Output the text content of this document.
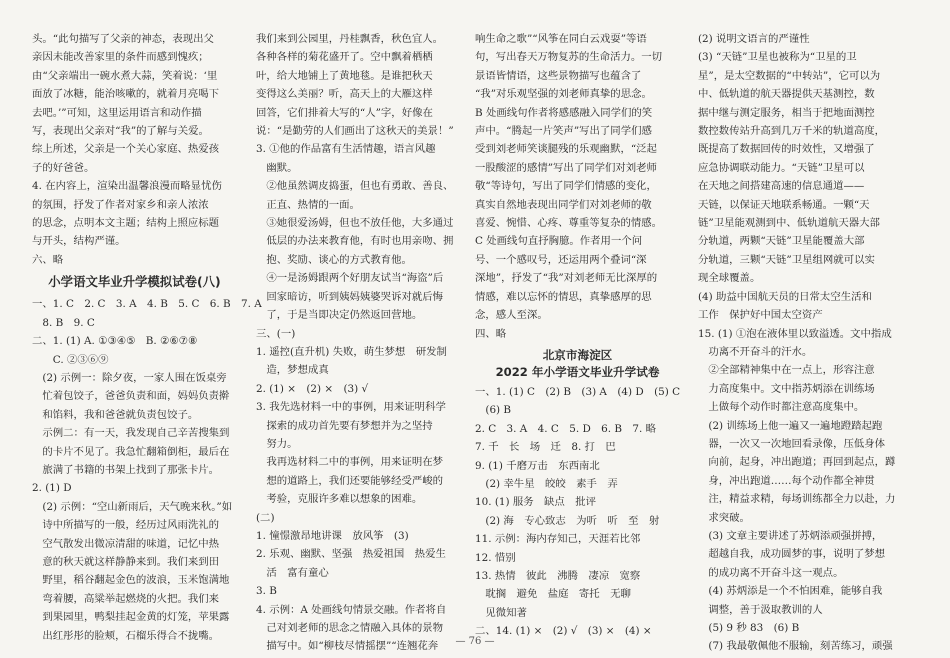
头。“此句描写了父亲的神态，表现出父
亲因未能改善家里的条件而感到愧疚；
由“父亲端出一碗水煮大蒜，笑着说：‘里
面放了冰糖，能治咳嗽的，就着月亮喝下
去吧。’”可知，这里运用语言和动作描
写，表现出父亲对“我”的了解与关爱。
综上所述，父亲是一个关心家庭、热爱孩
子的好爸爸。
4. 在内容上，渲染出温馨浪漫而略显忧伤
的氛围，抒发了作者对家乡和亲人浓浓
的思念，点明本文主题；结构上照应标题
与开头，结构严谨。
六、略
小学语文毕业升学模拟试卷(八)
一、1. C　2. C　3. A　4. B　5. C　6. B　7. A
　8. B　9. C
二、1. (1) A. ①③④⑤　B. ②⑥⑦⑧
　　C. ②③⑥⑨
　(2) 示例一：除夕夜，一家人围在饭桌旁
　忙着包饺子，爸爸负责和面，妈妈负责擀
　和馅料，我和爸爸就负责包饺子。
　示例二：有一天，我发现自己辛苦搜集到
　的卡片不见了。我急忙翻箱倒柜，最后在
　旅满了书籍的书架上找到了那张卡片。
2. (1) D
　(2) 示例：“空山新雨后，天气晚来秋。”如
　诗中所描写的一般，经历过风雨洗礼的
　空气散发出微凉清甜的味道，记忆中热
　意的秋天就这样静静来到。我们来到田
　野里，稻谷翻起金色的波浪，玉米饱满地
　弯着腰，高粱举起燃烧的火把。我们来
　到果园里，鸭梨挂起金黄的灯笼，苹果露
　出红彤彤的脸颊，石榴乐得合不拢嘴。
我们来到公园里，丹桂飘香，秋色宜人。
各种各样的菊花盛开了。空中飘着栖栖
叶，给大地铺上了黄地毯。是谁把秋天
变得这么美丽？听，高天上的大雁这样
回答，它们排着大写的“人”字，好像在
说：“是勤劳的人们画出了这秋天的美景！”
3. ①他的作品富有生活情趣，语言风趣
　幽默。
　②他虽然调皮捣蛋，但也有勇敢、善良、
　正直、热情的一面。
　③她很爱汤姆，但也不放任他，大多通过
　低层的办法来教育他，有时也用亲吻、拥
　抱、奖励、谈心的方式教育他。
　④一是汤姆跟两个好朋友试当“海盗”后
　回家暗访，听到姨妈姨婆哭诉对就后悔
　了，于是当即决定仍然返回营地。
三、(一)
1. 遥控(直升机) 失败，萌生梦想　研发制
　造，梦想成真
2. (1) ×　(2) ×　(3) √
3. 我先选材料一中的事例，用来证明科学
　探索的成功首先要有梦想并为之坚持
　努力。
　我再选材料二中的事例，用来证明在梦
　想的道路上，我们还要能够经受严峻的
　考验，克服许多难以想象的困难。
(二)
1. 憧憬激昂地讲课　放风筝　(3)
2. 乐观、幽默、坚强　热爱祖国　热爱生
　活　富有童心
3. B
4. 示例：A 处画线句情景交融。作者将自
　己对刘老师的思念之情融入具体的景物
　描写中。如“柳枝尽情摇摆”“连翘花奔
响生命之歌”“风筝在同白云戏耍”等语
句，写出春天万物复苏的生命活力。一切
景语皆情语，这些景物描写也蕴含了
“我”对乐观坚强的刘老师真挚的思念。
B 处画线句作者将感感融入同学们的笑
声中。“腾起一片笑声”写出了同学们感
受到刘老师笑谈腿残的乐观幽默，“泛起
一股酸涩的感情”写出了同学们对刘老师
敬“等诗句，写出了同学们情感的变化，
真实自然地表现出同学们对刘老师的敬
喜爱、惋惜、心疼、尊重等复杂的情感。
C 处画线句直抒胸臆。作者用一个问
号、一个感叹号，还运用两个叠词“深
深地”，抒发了“我”对刘老师无比深厚的
情感，难以忘怀的情思，真挚感厚的思
念，感人至深。
四、略
北京市海淀区
2022 年小学语文毕业升学试卷
一、1. (1) C　(2) B　(3) A　(4) D　(5) C
　(6) B
2. C　3. A　4. C　5. D　6. B　7. 略
7. 千　长　场　迁　8. 打　巴
9. (1) 千磨万击　东西南北
　(2) 幸牛星　皎皎　素手　弄
10. (1) 服务　缺点　批评
　(2) 海　专心致志　为听　听　至　射
11. 示例：海内存知己，天涯若比邻
12. 惜别
13. 热情　彼此　沸腾　凄凉　宽察
　耽搁　避免　盐庭　寄托　无聊
　见微知著
二、14. (1) ×　(2) √　(3) ×　(4) ×
(2) 说明文语言的严谨性
(3) “天链”卫星也被称为“卫星的卫
星”，是太空数据的“中转站”，它可以为
中、低轨道的航天器提供天基测控，数
据中继与测定服务，相当于把地面测控
数控数传站升高到几万千米的轨道高度，
既提高了数据回传的时效性，又增强了
应急协调联动能力。“天链”卫星可以
在天地之间搭建高速的信息通道——
天链，以保证天地联系畅通。一颗“天
链”卫星能观测到中、低轨道航天器大部
分轨道，两颗“天链”卫星能覆盖大部
分轨道，三颗“天链”卫星组网就可以实
现全球覆盖。
(4) 助益中国航天员的日常太空生活和
工作　保护好中国太空资产
15. (1) ①泡在液体里以致溢透。文中指成
　功离不开奋斗的汗水。
　②全部精神集中在一点上，形容注意
　力高度集中。文中指苏炳添在训练场
　上做每个动作时都注意高度集中。
　(2) 训练场上他一遍又一遍地蹬踏起跑
　器，一次又一次地回看录像，压低身体
　向前，起身，冲出跑道；再回到起点，蹲
　身，冲出跑道……每个动作都全神贯
　注，精益求精，每场训练都全力以赴，力
　求突破。
　(3) 文章主要讲述了苏炳添顽强拼搏，
　超越自我，成功圆梦的事，说明了梦想
　的成功离不开奋斗这一观点。
　(4) 苏炳添是一个不怕困难，能够自我
　调整，善于汲取教训的人
　(5) 9 秒 83　(6) B
　(7) 我最敬佩他不服输，刻苦练习，顽强
— 76 —
